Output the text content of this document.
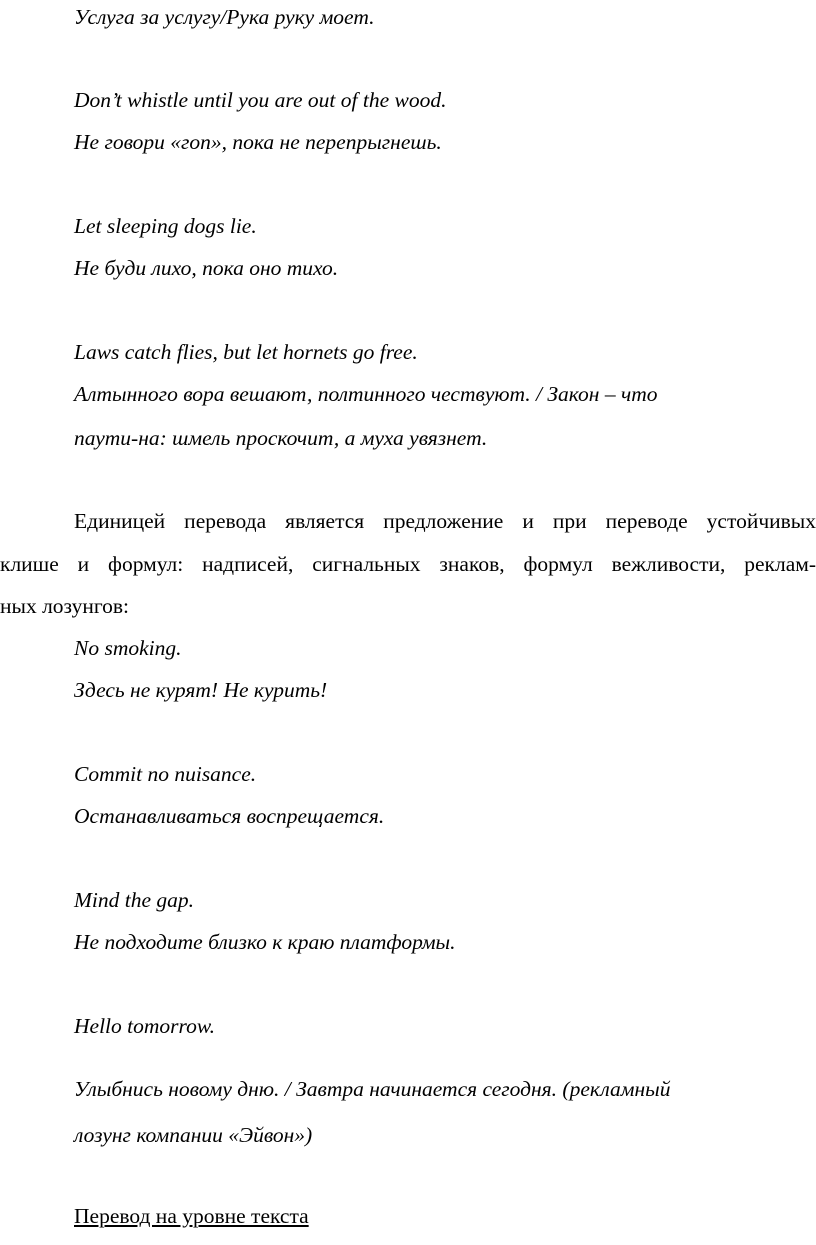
Услуга за услугу/Рука руку моет.
Don’t whistle until you are out of the wood.
Не говори «гоп», пока не перепрыгнешь.
Let sleeping dogs lie.
Не буди лихо, пока оно тихо.
Laws catch flies, but let hornets go free.
Алтынного вора вешают, полтинного чествуют. / Закон – что
паути-на: шмель проскочит, а муха увязнет.
Единицей перевода является предложение и при переводе устойчивых
клише и формул: надписей, сигнальных знаков, формул вежливости, реклам-
ных лозунгов:
No smoking.
Здесь не курят! Не курить!
Commit no nuisance.
Останавливаться воспрещается.
Mind the gap.
Не подходите близко к краю платформы.
Hello tomorrow.
Улыбнись новому дню. / Завтра начинается сегодня. (рекламный
лозунг компании «Эйвон»)
Перевод на уровне текста
